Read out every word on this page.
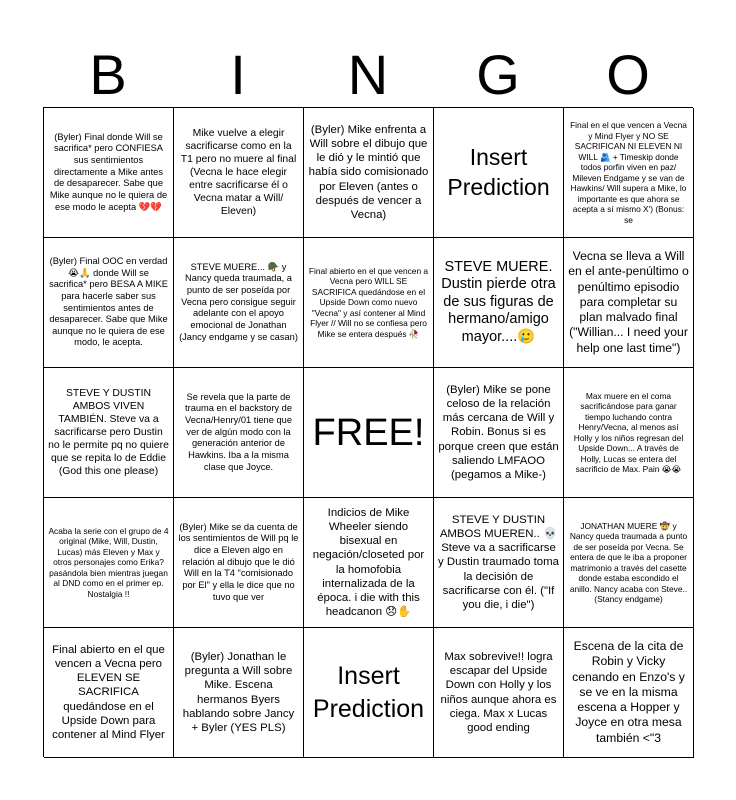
B	I	N	G	O
(Byler) Final donde Will se sacrifica* pero CONFIESA sus sentimientos directamente a Mike antes de desaparecer. Sabe que Mike aunque no le quiera de ese modo le acepta 💔💔
Mike vuelve a elegir sacrificarse como en la T1 pero no muere al final (Vecna le hace elegir entre sacrificarse él o Vecna matar a Will/ Eleven)
(Byler) Mike enfrenta a Will sobre el dibujo que le dió y le mintió que había sido comisionado por Eleven (antes o después de vencer a Vecna)
Insert Prediction
Final en el que vencen a Vecna y Mind Flyer y NO SE SACRIFICAN NI ELEVEN NI WILL 🫂 + Timeskip donde todos porfin viven en paz/ Mileven Endgame y se van de Hawkins/ Will supera a Mike, lo importante es que ahora se acepta a sí mismo X') (Bonus: se
(Byler) Final OOC en verdad 😭🙏 donde Will se sacrifica* pero BESA A MIKE para hacerle saber sus sentimientos antes de desaparecer. Sabe que Mike aunque no le quiera de ese modo, le acepta.
STEVE MUERE... 🪖 y Nancy queda traumada, a punto de ser poseída por Vecna pero consigue seguir adelante con el apoyo emocional de Jonathan (Jancy endgame y se casan)
Final abierto en el que vencen a Vecna pero WILL SE SACRIFICA quedándose en el Upside Down como nuevo "Vecna" y así contener al Mind Flyer // Will no se confiesa pero Mike se entera después 🥀
STEVE MUERE. Dustin pierde otra de sus figuras de hermano/amigo mayor....🥲
Vecna se lleva a Will en el ante-penúltimo o penúltimo episodio para completar su plan malvado final ("Willian... I need your help one last time")
STEVE Y DUSTIN AMBOS VIVEN TAMBIÉN. Steve va a sacrificarse pero Dustin no le permite pq no quiere que se repita lo de Eddie (God this one please)
Se revela que la parte de trauma en el backstory de Vecna/Henry/01 tiene que ver de algún modo con la generación anterior de Hawkins. Iba a la misma clase que Joyce.
FREE!
(Byler) Mike se pone celoso de la relación más cercana de Will y Robin. Bonus si es porque creen que están saliendo LMFAOO (pegamos a Mike-)
Max muere en el coma sacrificándose para ganar tiempo luchando contra Henry/Vecna, al menos así Holly y los niños regresan del Upside Down... A través de Holly, Lucas se entera del sacrificio de Max. Pain 😭😭
Acaba la serie con el grupo de 4 original (Mike, Will, Dustin, Lucas) más Eleven y Max y otros personajes como Erika?pasándola bien mientras juegan al DND como en el primer ep. Nostalgia !!
(Byler) Mike se da cuenta de los sentimientos de Will pq le dice a Eleven algo en relación al dibujo que le dió Will en la T4 "comisionado por El" y ella le dice que no tuvo que ver
Indicios de Mike Wheeler siendo bisexual en negación/closeted por la homofobia internalizada de la época. i die with this headcanon 😞✋
STEVE Y DUSTIN AMBOS MUEREN.. 💀 Steve va a sacrificarse y Dustin traumado toma la decisión de sacrificarse con él. ("If you die, i die")
JONATHAN MUERE 🤠 y Nancy queda traumada a punto de ser poseída por Vecna. Se entera de que le iba a proponer matrimonio a través del casette donde estaba escondido el anillo. Nancy acaba con Steve.. (Stancy endgame)
Final abierto en el que vencen a Vecna pero ELEVEN SE SACRIFICA quedándose en el Upside Down para contener al Mind Flyer
(Byler) Jonathan le pregunta a Will sobre Mike. Escena hermanos Byers hablando sobre Jancy + Byler (YES PLS)
Insert Prediction
Max sobrevive!! logra escapar del Upside Down con Holly y los niños aunque ahora es ciega. Max x Lucas good ending
Escena de la cita de Robin y Vicky cenando en Enzo's y se ve en la misma escena a Hopper y Joyce en otra mesa también <"3
